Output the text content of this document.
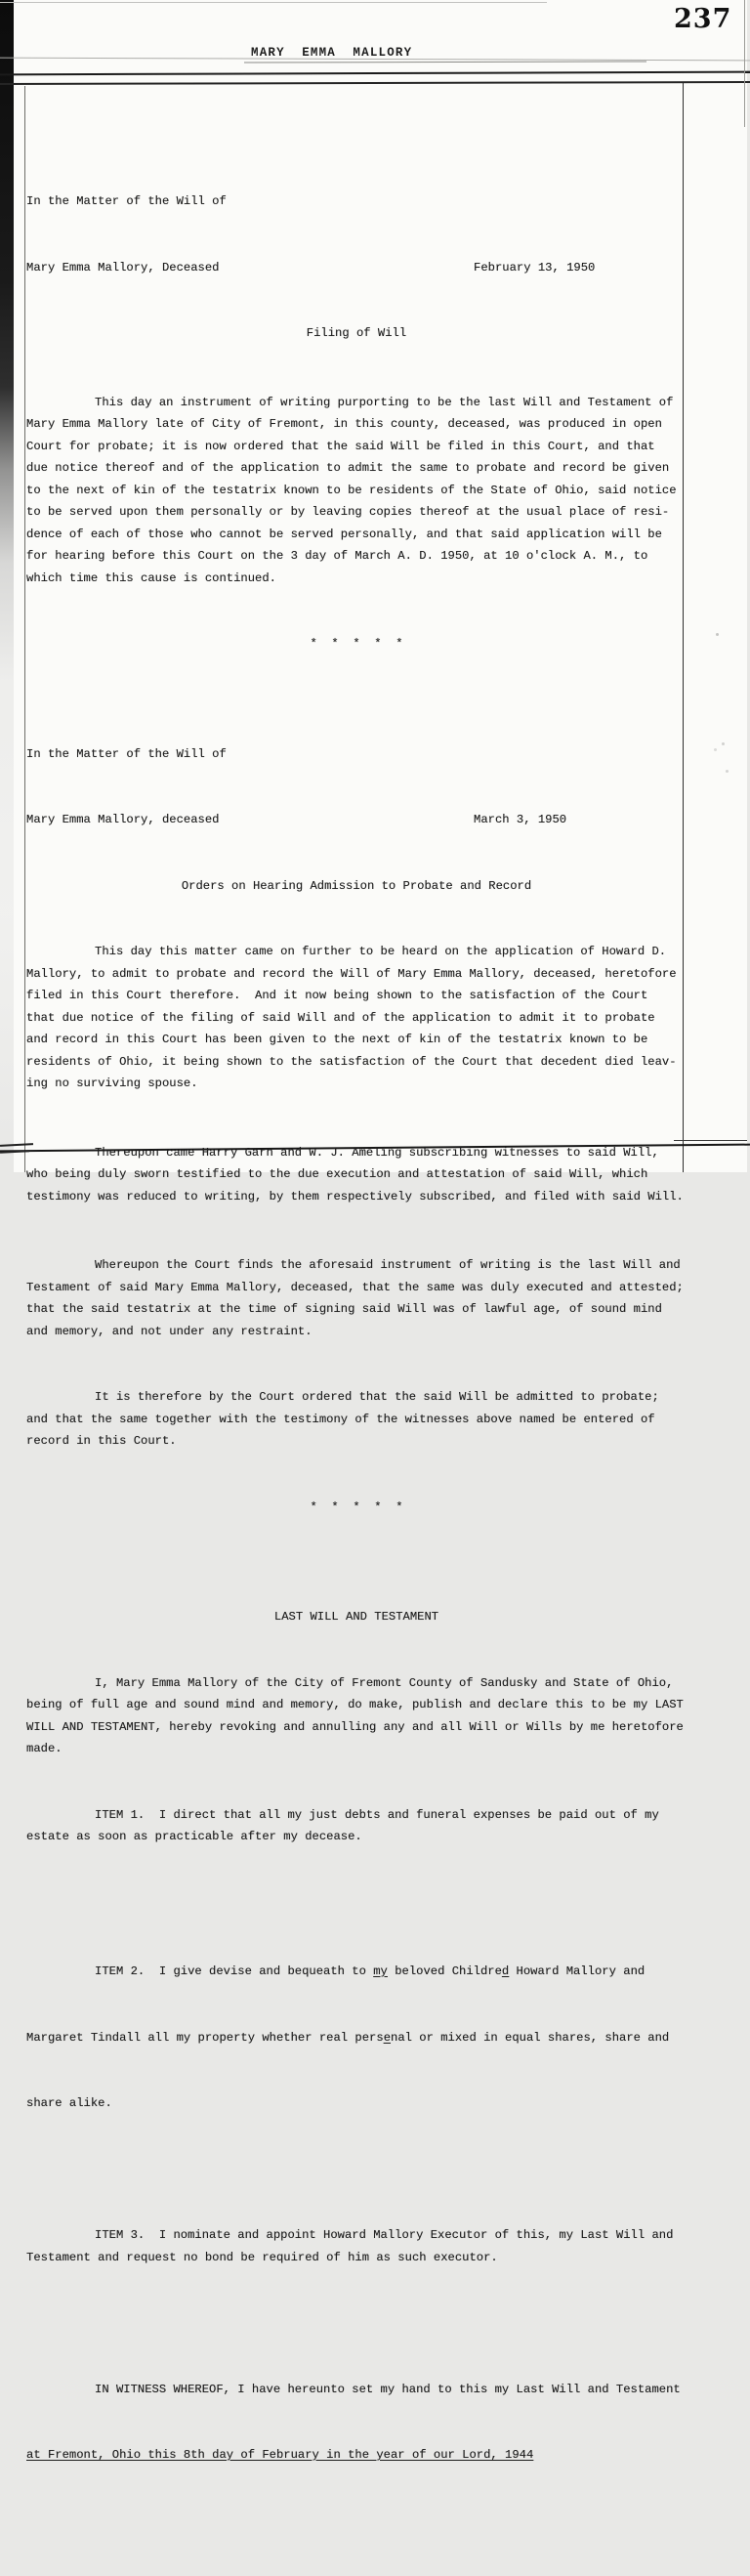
237
MARY  EMMA  MALLORY

In the Matter of the Will of

Mary Emma Mallory, Deceased	February 13, 1950

Filing of Will

This day an instrument of writing purporting to be the last Will and Testament of
Mary Emma Mallory late of City of Fremont, in this county, deceased, was produced in open
Court for probate; it is now ordered that the said Will be filed in this Court, and that
due notice thereof and of the application to admit the same to probate and record be given
to the next of kin of the testatrix known to be residents of the State of Ohio, said notice
to be served upon them personally or by leaving copies thereof at the usual place of resi-
dence of each of those who cannot be served personally, and that said application will be
for hearing before this Court on the 3 day of March A. D. 1950, at 10 o'clock A. M., to
which time this cause is continued.

*  *  *  *  *

In the Matter of the Will of

Mary Emma Mallory, deceased	March 3, 1950

Orders on Hearing Admission to Probate and Record

This day this matter came on further to be heard on the application of Howard D.
Mallory, to admit to probate and record the Will of Mary Emma Mallory, deceased, heretofore
filed in this Court therefore.  And it now being shown to the satisfaction of the Court
that due notice of the filing of said Will and of the application to admit it to probate
and record in this Court has been given to the next of kin of the testatrix known to be
residents of Ohio, it being shown to the satisfaction of the Court that decedent died leav-
ing no surviving spouse.

Thereupon came Harry Garn and W. J. Ameling subscribing witnesses to said Will,
who being duly sworn testified to the due execution and attestation of said Will, which
testimony was reduced to writing, by them respectively subscribed, and filed with said Will.

Whereupon the Court finds the aforesaid instrument of writing is the last Will and
Testament of said Mary Emma Mallory, deceased, that the same was duly executed and attested;
that the said testatrix at the time of signing said Will was of lawful age, of sound mind
and memory, and not under any restraint.

It is therefore by the Court ordered that the said Will be admitted to probate;
and that the same together with the testimony of the witnesses above named be entered of
record in this Court.

*  *  *  *  *

LAST WILL AND TESTAMENT

I, Mary Emma Mallory of the City of Fremont County of Sandusky and State of Ohio,
being of full age and sound mind and memory, do make, publish and declare this to be my LAST
WILL AND TESTAMENT, hereby revoking and annulling any and all Will or Wills by me heretofore
made.

ITEM 1.  I direct that all my just debts and funeral expenses be paid out of my
estate as soon as practicable after my decease.

ITEM 2.  I give devise and bequeath to my beloved Childred Howard Mallory and

Margaret Tindall all my property whether real persenal or mixed in equal shares, share and

share alike.

ITEM 3.  I nominate and appoint Howard Mallory Executor of this, my Last Will and
Testament and request no bond be required of him as such executor.

IN WITNESS WHEREOF, I have hereunto set my hand to this my Last Will and Testament

at Fremont, Ohio this 8th day of February in the year of our Lord, 1944
